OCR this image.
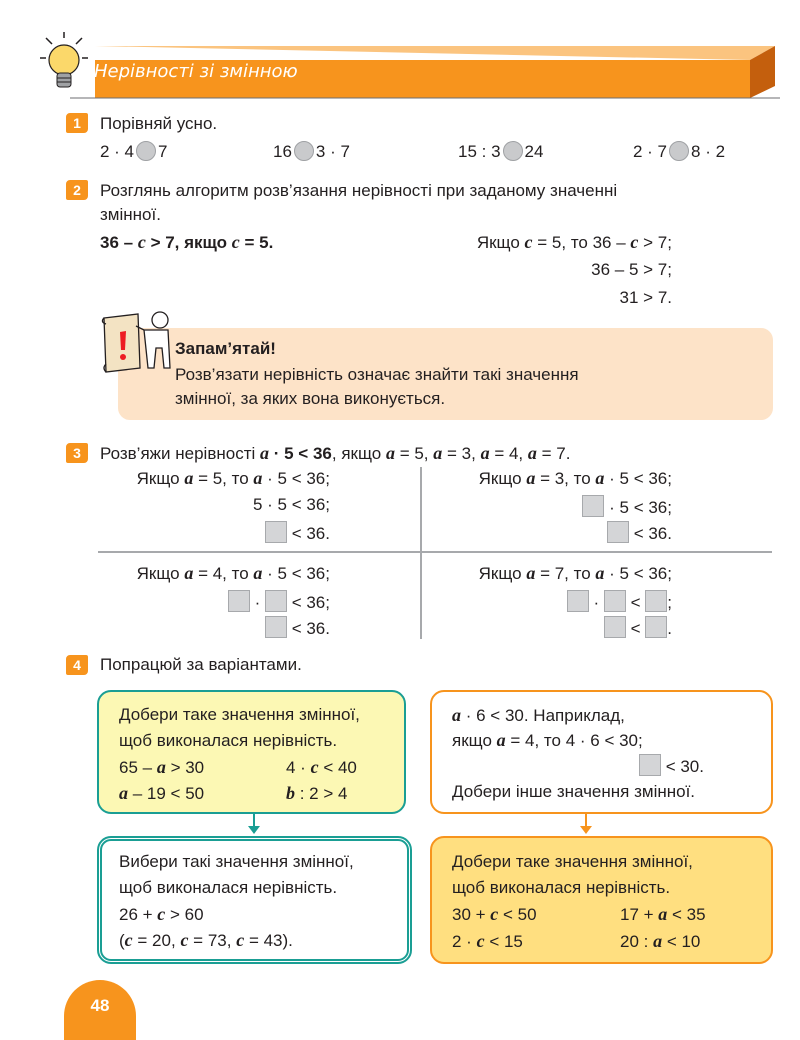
Нерівності зі змінною
1	Порівняй усно.
2 · 4 7	16 3 · 7	15 : 3 24	2 · 7 8 · 2
2	Розглянь алгоритм розв’язання нерівності при заданому значенні
змінної.
36 – c > 7, якщо c = 5.	Якщо c = 5, то 36 – c > 7;
36 – 5 > 7;
31 > 7.
Запам’ятай!
Розв’язати нерівність означає знайти такі значення
змінної, за яких вона виконується.
3	Розв’яжи нерівності a · 5 < 36, якщо a = 5, a = 3, a = 4, a = 7.
Якщо a = 5, то a · 5 < 36;
5 · 5 < 36;
< 36.
Якщо a = 3, то a · 5 < 36;
· 5 < 36;
< 36.
Якщо a = 4, то a · 5 < 36;
· < 36;
< 36.
Якщо a = 7, то a · 5 < 36;
· < ;
< .
4	Попрацюй за варіантами.
Добери таке значення змінної,
щоб виконалася нерівність.
65 – a > 30	4 · c < 40
a – 19 < 50	b : 2 > 4
Вибери такі значення змінної,
щоб виконалася нерівність.
26 + c > 60
(c = 20, c = 73, c = 43).
a · 6 < 30. Наприклад,
якщо a = 4, то 4 · 6 < 30;
< 30.
Добери інше значення змінної.
Добери таке значення змінної,
щоб виконалася нерівність.
30 + c < 50	17 + a < 35
2 · c < 15	20 : a < 10
48
